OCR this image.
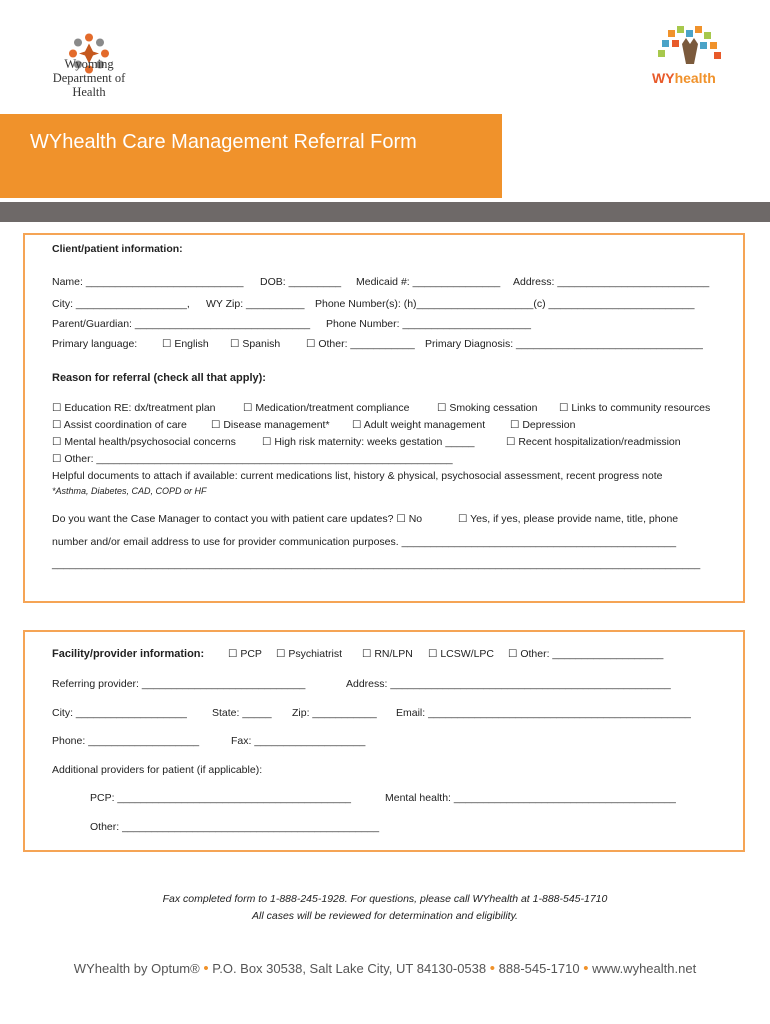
Wyoming Department of Health
WYhealth
WYhealth Care Management Referral Form
Client/patient information:
Name: ___________________________ DOB: _________ Medicaid #: _______________ Address: __________________________
City: ___________________, WY Zip: __________ Phone Number(s): (h)____________________(c) _________________________
Parent/Guardian: ______________________________ Phone Number: ______________________
Primary language: ☐ English ☐ Spanish ☐ Other: ___________ Primary Diagnosis: ________________________________
Reason for referral (check all that apply):
☐ Education RE: dx/treatment plan	☐ Medication/treatment compliance	☐ Smoking cessation ☐ Links to community resources
☐ Assist coordination of care ☐ Disease management* ☐ Adult weight management ☐ Depression
☐ Mental health/psychosocial concerns ☐ High risk maternity: weeks gestation _____	☐ Recent hospitalization/readmission
☐ Other: _____________________________________________________________
Helpful documents to attach if available: current medications list, history & physical, psychosocial assessment, recent progress note
*Asthma, Diabetes, CAD, COPD or HF
Do you want the Case Manager to contact you with patient care updates? ☐ No	☐ Yes, if yes, please provide name, title, phone
number and/or email address to use for provider communication purposes. _______________________________________________
_______________________________________________________________________________________________________________
Facility/provider information: ☐ PCP ☐ Psychiatrist ☐ RN/LPN ☐ LCSW/LPC ☐ Other: ___________________
Referring provider: ____________________________	Address: ________________________________________________
City: ___________________ State: _____ Zip: ___________ Email: _____________________________________________
Phone: ___________________	Fax: ___________________
Additional providers for patient (if applicable):
PCP: ________________________________________	Mental health: ______________________________________
Other: ____________________________________________
Fax completed form to 1-888-245-1928. For questions, please call WYhealth at 1-888-545-1710
All cases will be reviewed for determination and eligibility.
WYhealth by Optum® • P.O. Box 30538, Salt Lake City, UT 84130-0538 • 888-545-1710 • www.wyhealth.net
